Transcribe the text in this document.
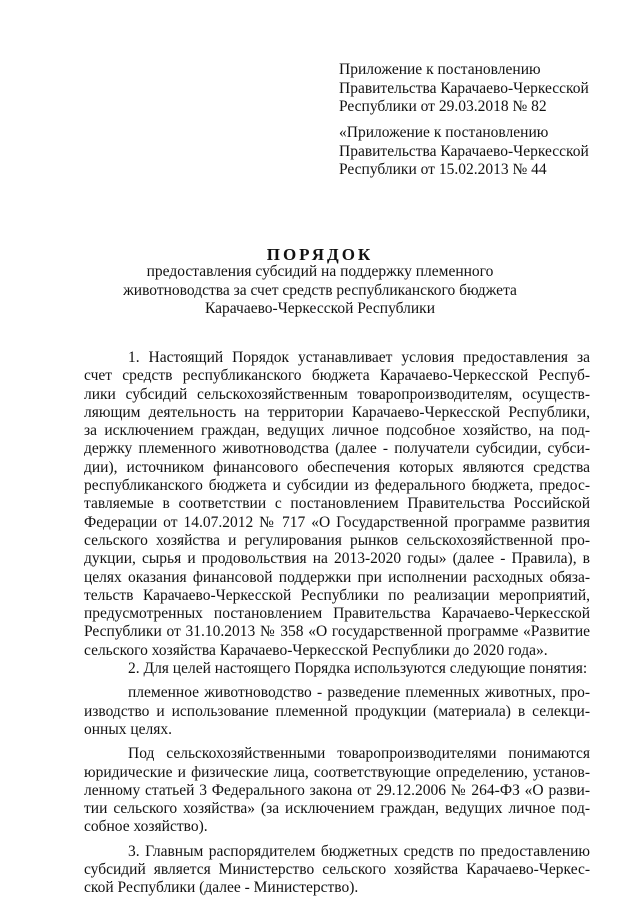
Приложение к постановлению
Правительства Карачаево-Черкесской
Республики от 29.03.2018 № 82
«Приложение к постановлению
Правительства Карачаево-Черкесской
Республики от 15.02.2013 № 44
ПОРЯДОК
предоставления субсидий на поддержку племенного
животноводства за счет средств республиканского бюджета
Карачаево-Черкесской Республики
1. Настоящий Порядок устанавливает условия предоставления за
счет средств республиканского бюджета Карачаево-Черкесской Респуб-
лики субсидий сельскохозяйственным товаропроизводителям, осуществ-
ляющим деятельность на территории Карачаево-Черкесской Республики,
за исключением граждан, ведущих личное подсобное хозяйство, на под-
держку племенного животноводства (далее - получатели субсидии, субси-
дии), источником финансового обеспечения которых являются средства
республиканского бюджета и субсидии из федерального бюджета, предос-
тавляемые в соответствии с постановлением Правительства Российской
Федерации от 14.07.2012 № 717 «О Государственной программе развития
сельского хозяйства и регулирования рынков сельскохозяйственной про-
дукции, сырья и продовольствия на 2013-2020 годы» (далее - Правила), в
целях оказания финансовой поддержки при исполнении расходных обяза-
тельств Карачаево-Черкесской Республики по реализации мероприятий,
предусмотренных постановлением Правительства Карачаево-Черкесской
Республики от 31.10.2013 № 358 «О государственной программе «Развитие
сельского хозяйства Карачаево-Черкесской Республики до 2020 года».
2. Для целей настоящего Порядка используются следующие понятия:
племенное животноводство - разведение племенных животных, про-
изводство и использование племенной продукции (материала) в селекци-
онных целях.
Под сельскохозяйственными товаропроизводителями понимаются
юридические и физические лица, соответствующие определению, установ-
ленному статьей 3 Федерального закона от 29.12.2006 № 264-ФЗ «О разви-
тии сельского хозяйства» (за исключением граждан, ведущих личное под-
собное хозяйство).
3. Главным распорядителем бюджетных средств по предоставлению
субсидий является Министерство сельского хозяйства Карачаево-Черкес-
ской Республики (далее - Министерство).
